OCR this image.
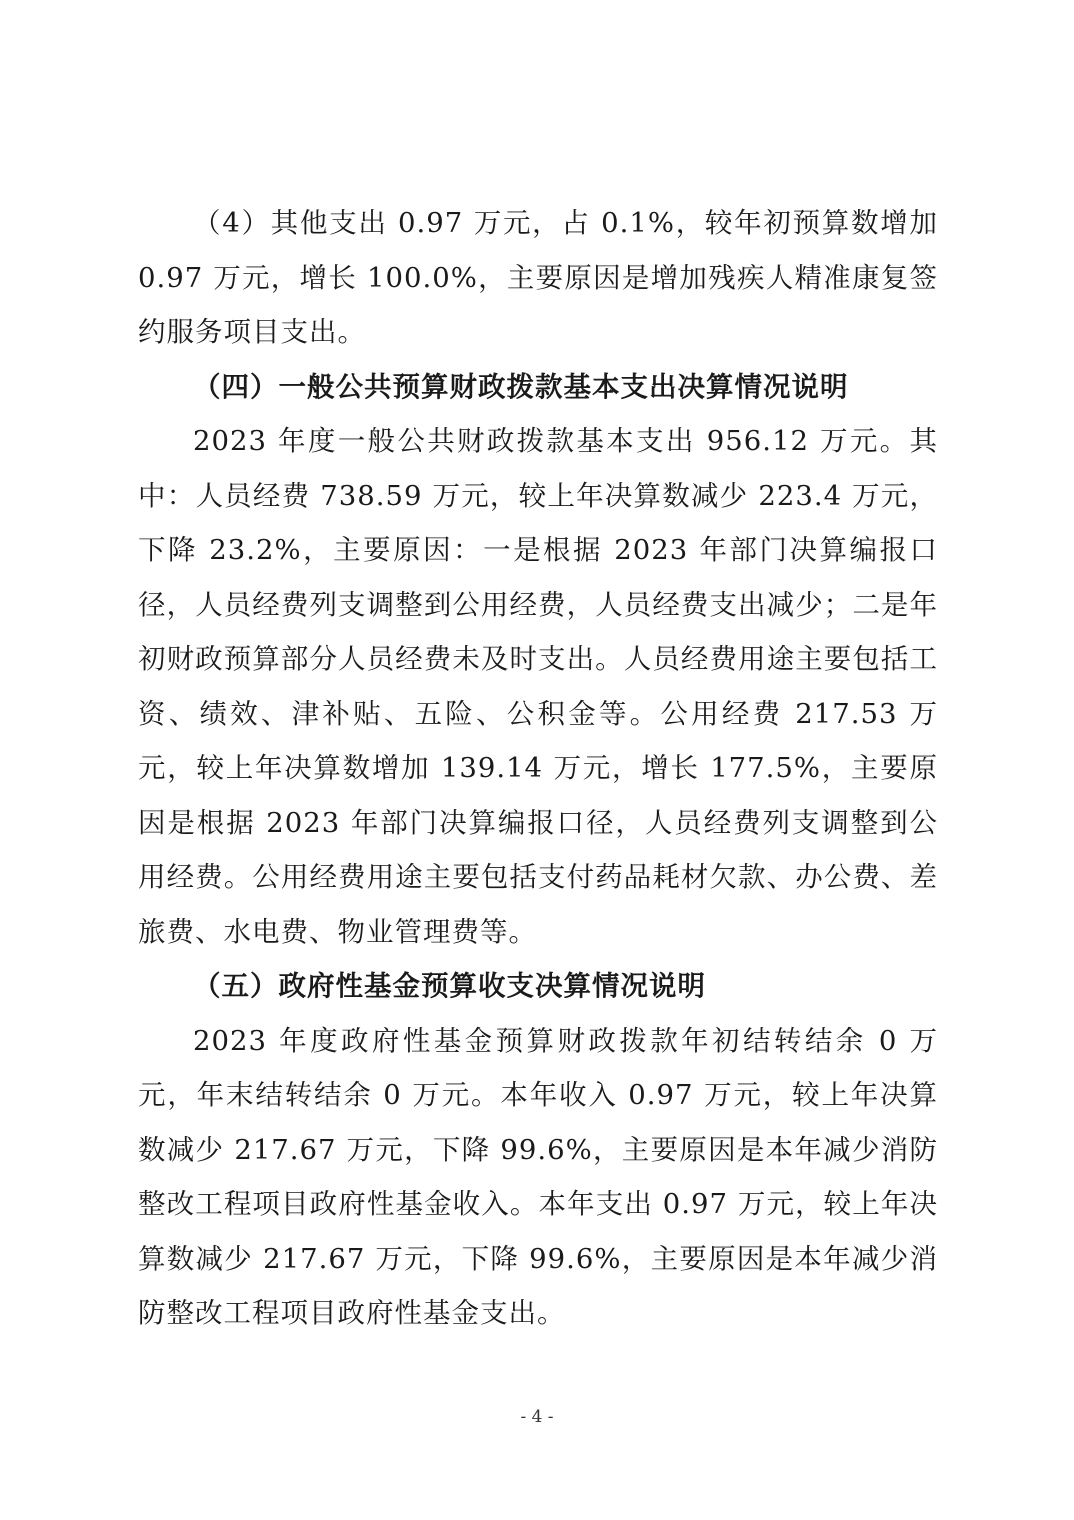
（4）其他支出 0.97 万元，占 0.1%，较年初预算数增加 0.97 万元，增长 100.0%，主要原因是增加残疾人精准康复签约服务项目支出。

（四）一般公共预算财政拨款基本支出决算情况说明

2023 年度一般公共财政拨款基本支出 956.12 万元。其中：人员经费 738.59 万元，较上年决算数减少 223.4 万元，下降 23.2%，主要原因：一是根据 2023 年部门决算编报口径，人员经费列支调整到公用经费，人员经费支出减少；二是年初财政预算部分人员经费未及时支出。人员经费用途主要包括工资、绩效、津补贴、五险、公积金等。公用经费 217.53 万元，较上年决算数增加 139.14 万元，增长 177.5%，主要原因是根据 2023 年部门决算编报口径，人员经费列支调整到公用经费。公用经费用途主要包括支付药品耗材欠款、办公费、差旅费、水电费、物业管理费等。

（五）政府性基金预算收支决算情况说明

2023 年度政府性基金预算财政拨款年初结转结余 0 万元，年末结转结余 0 万元。本年收入 0.97 万元，较上年决算数减少 217.67 万元，下降 99.6%，主要原因是本年减少消防整改工程项目政府性基金收入。本年支出 0.97 万元，较上年决算数减少 217.67 万元，下降 99.6%，主要原因是本年减少消防整改工程项目政府性基金支出。

- 4 -
